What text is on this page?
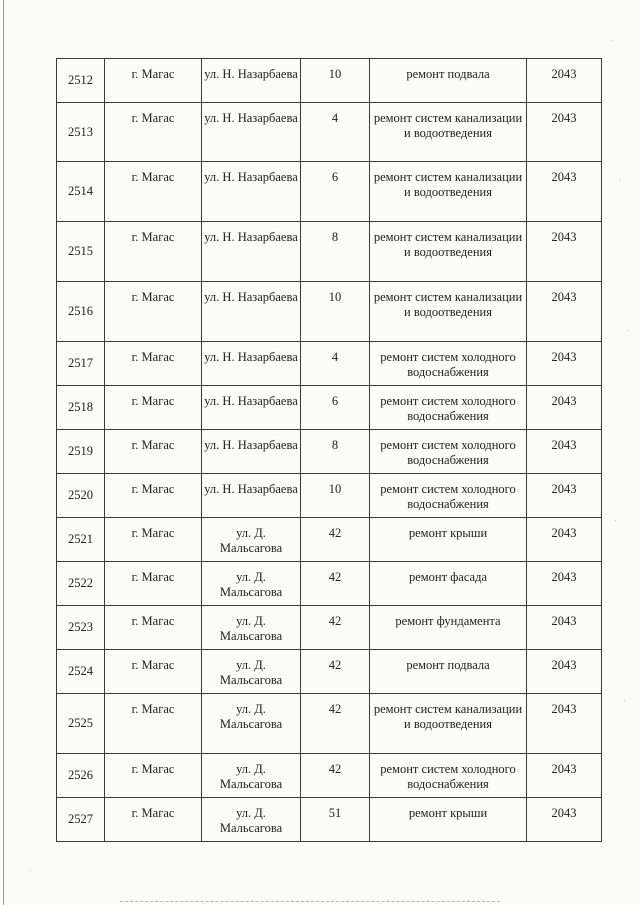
2512	г. Магас	ул. Н. Назарбаева	10	ремонт подвала	2043
2513	г. Магас	ул. Н. Назарбаева	4	ремонт систем канализации и водоотведения	2043
2514	г. Магас	ул. Н. Назарбаева	6	ремонт систем канализации и водоотведения	2043
2515	г. Магас	ул. Н. Назарбаева	8	ремонт систем канализации и водоотведения	2043
2516	г. Магас	ул. Н. Назарбаева	10	ремонт систем канализации и водоотведения	2043
2517	г. Магас	ул. Н. Назарбаева	4	ремонт систем холодного водоснабжения	2043
2518	г. Магас	ул. Н. Назарбаева	6	ремонт систем холодного водоснабжения	2043
2519	г. Магас	ул. Н. Назарбаева	8	ремонт систем холодного водоснабжения	2043
2520	г. Магас	ул. Н. Назарбаева	10	ремонт систем холодного водоснабжения	2043
2521	г. Магас	ул. Д. Мальсагова	42	ремонт крыши	2043
2522	г. Магас	ул. Д. Мальсагова	42	ремонт фасада	2043
2523	г. Магас	ул. Д. Мальсагова	42	ремонт фундамента	2043
2524	г. Магас	ул. Д. Мальсагова	42	ремонт подвала	2043
2525	г. Магас	ул. Д. Мальсагова	42	ремонт систем канализации и водоотведения	2043
2526	г. Магас	ул. Д. Мальсагова	42	ремонт систем холодного водоснабжения	2043
2527	г. Магас	ул. Д. Мальсагова	51	ремонт крыши	2043
